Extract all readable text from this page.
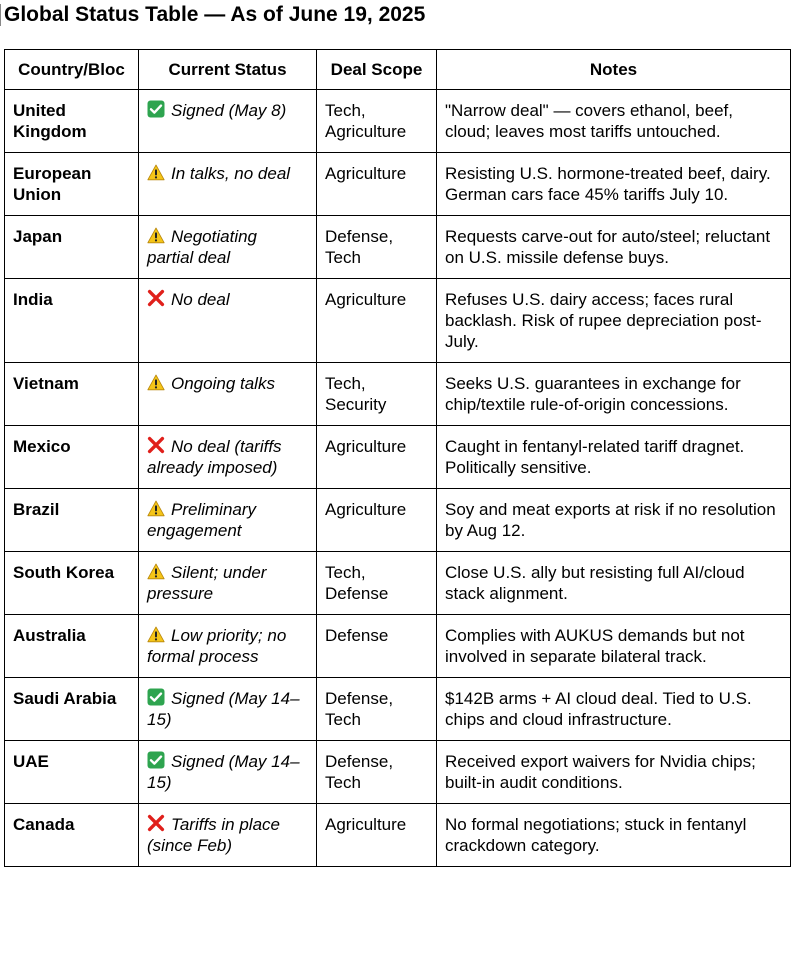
Global Status Table — As of June 19, 2025
Country/Bloc	Current Status	Deal Scope	Notes
United Kingdom	Signed (May 8)	Tech, Agriculture	"Narrow deal" — covers ethanol, beef, cloud; leaves most tariffs untouched.
European Union	In talks, no deal	Agriculture	Resisting U.S. hormone-treated beef, dairy. German cars face 45% tariffs July 10.
Japan	Negotiating partial deal	Defense, Tech	Requests carve-out for auto/steel; reluctant on U.S. missile defense buys.
India	No deal	Agriculture	Refuses U.S. dairy access; faces rural backlash. Risk of rupee depreciation post-July.
Vietnam	Ongoing talks	Tech, Security	Seeks U.S. guarantees in exchange for chip/textile rule-of-origin concessions.
Mexico	No deal (tariffs already imposed)	Agriculture	Caught in fentanyl-related tariff dragnet. Politically sensitive.
Brazil	Preliminary engagement	Agriculture	Soy and meat exports at risk if no resolution by Aug 12.
South Korea	Silent; under pressure	Tech, Defense	Close U.S. ally but resisting full AI/cloud stack alignment.
Australia	Low priority; no formal process	Defense	Complies with AUKUS demands but not involved in separate bilateral track.
Saudi Arabia	Signed (May 14–15)	Defense, Tech	$142B arms + AI cloud deal. Tied to U.S. chips and cloud infrastructure.
UAE	Signed (May 14–15)	Defense, Tech	Received export waivers for Nvidia chips; built-in audit conditions.
Canada	Tariffs in place (since Feb)	Agriculture	No formal negotiations; stuck in fentanyl crackdown category.
